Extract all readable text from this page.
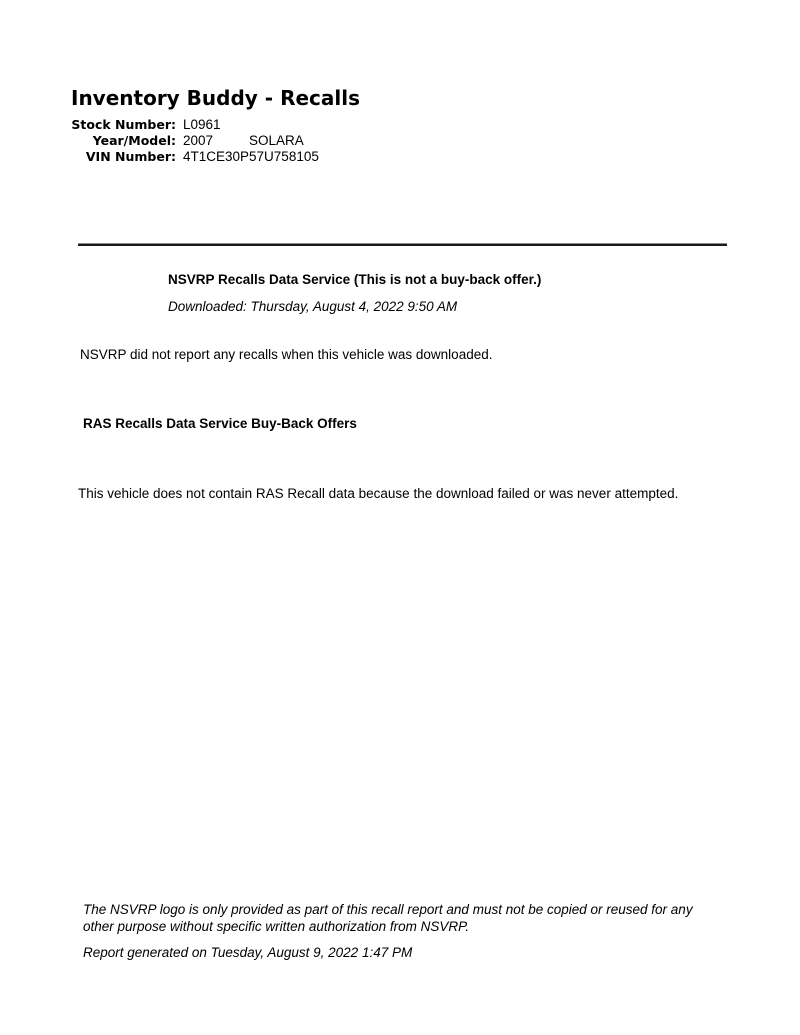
Inventory Buddy - Recalls
Stock Number: L0961
Year/Model: 2007	SOLARA
VIN Number: 4T1CE30P57U758105
NSVRP Recalls Data Service (This is not a buy-back offer.)
Downloaded: Thursday, August 4, 2022 9:50 AM
NSVRP did not report any recalls when this vehicle was downloaded.
RAS Recalls Data Service Buy-Back Offers
This vehicle does not contain RAS Recall data because the download failed or was never attempted.
The NSVRP logo is only provided as part of this recall report and must not be copied or reused for any other purpose without specific written authorization from NSVRP.
Report generated on Tuesday, August 9, 2022 1:47 PM
